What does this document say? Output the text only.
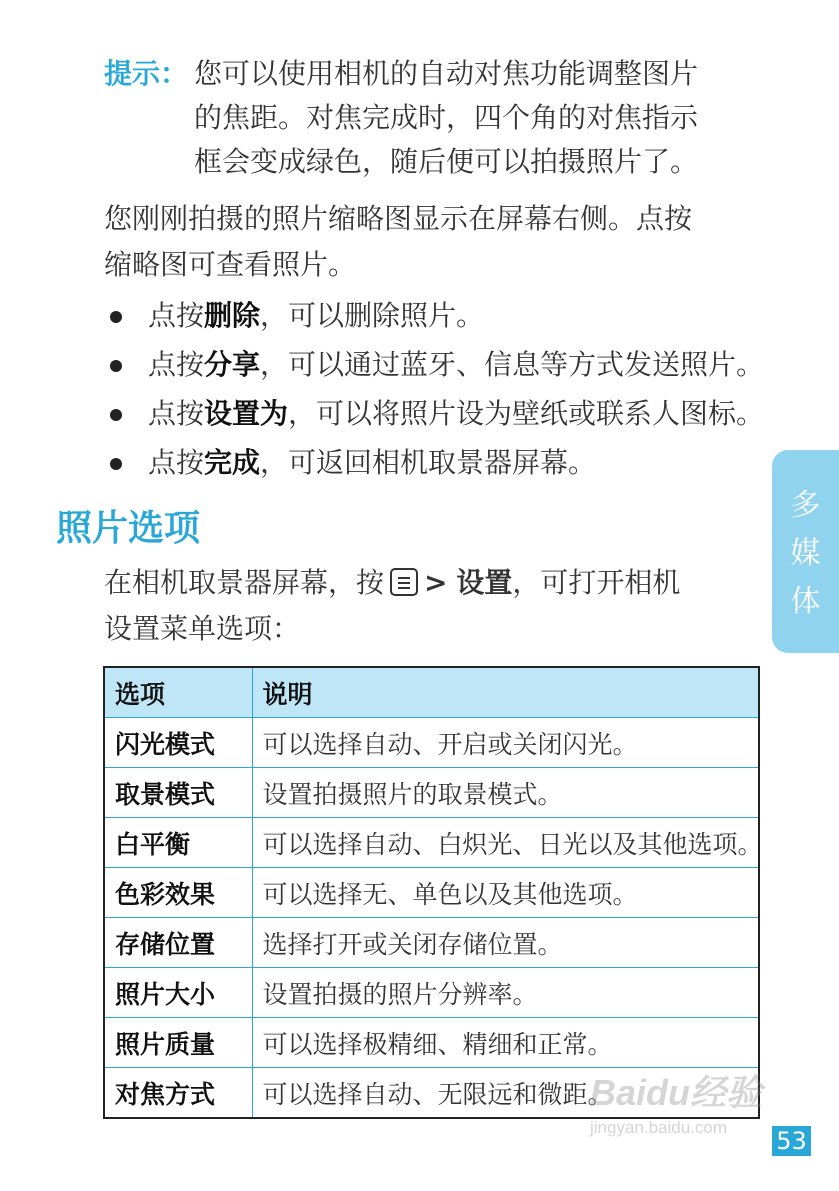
提示： 您可以使用相机的自动对焦功能调整图片
的焦距。对焦完成时，四个角的对焦指示
框会变成绿色，随后便可以拍摄照片了。
您刚刚拍摄的照片缩略图显示在屏幕右侧。点按
缩略图可查看照片。
点按删除，可以删除照片。
点按分享，可以通过蓝牙、信息等方式发送照片。
点按设置为，可以将照片设为壁纸或联系人图标。
点按完成，可返回相机取景器屏幕。
照片选项
在相机取景器屏幕，按 > 设置，可打开相机
设置菜单选项：
多
媒
体
选项	说明
闪光模式	可以选择自动、开启或关闭闪光。
取景模式	设置拍摄照片的取景模式。
白平衡	可以选择自动、白炽光、日光以及其他选项。
色彩效果	可以选择无、单色以及其他选项。
存储位置	选择打开或关闭存储位置。
照片大小	设置拍摄的照片分辨率。
照片质量	可以选择极精细、精细和正常。
对焦方式	可以选择自动、无限远和微距。
Baidu经验
jingyan.baidu.com	53
